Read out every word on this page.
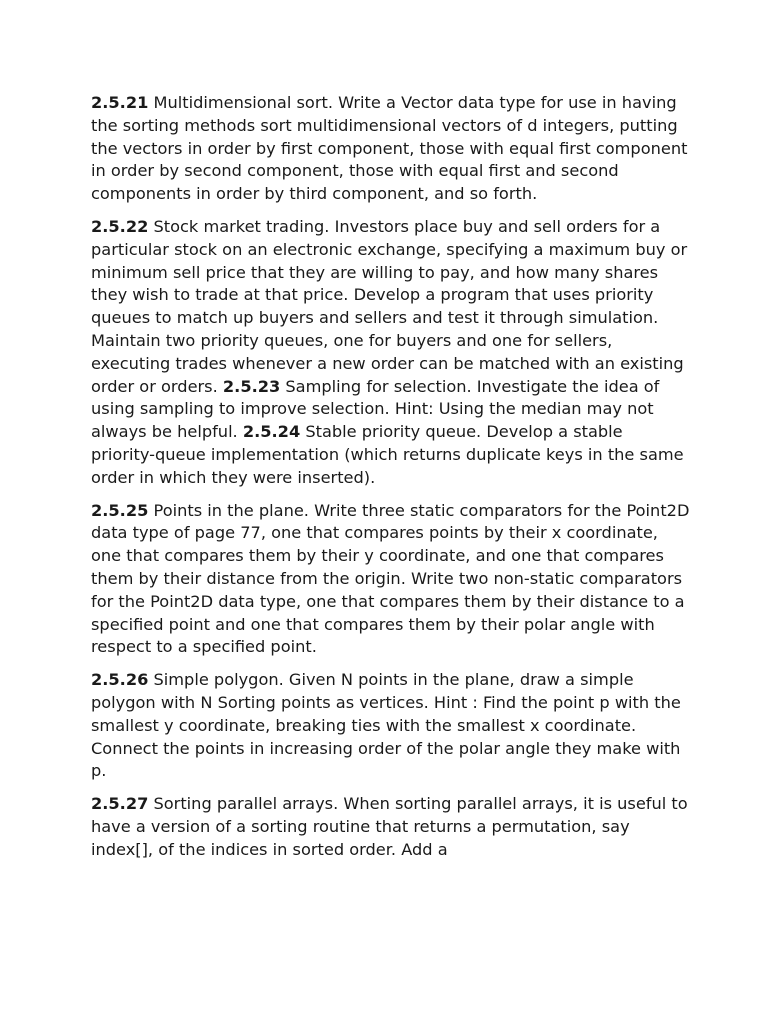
2.5.21 Multidimensional sort. Write a Vector data type for use in having the sorting methods sort multidimensional vectors of d integers, putting the vectors in order by first component, those with equal first component in order by second component, those with equal first and second components in order by third component, and so forth.

2.5.22 Stock market trading. Investors place buy and sell orders for a particular stock on an electronic exchange, specifying a maximum buy or minimum sell price that they are willing to pay, and how many shares they wish to trade at that price. Develop a program that uses priority queues to match up buyers and sellers and test it through simulation. Maintain two priority queues, one for buyers and one for sellers, executing trades whenever a new order can be matched with an existing order or orders. 2.5.23 Sampling for selection. Investigate the idea of using sampling to improve selection. Hint: Using the median may not always be helpful. 2.5.24 Stable priority queue. Develop a stable priority-queue implementation (which returns duplicate keys in the same order in which they were inserted).

2.5.25 Points in the plane. Write three static comparators for the Point2D data type of page 77, one that compares points by their x coordinate, one that compares them by their y coordinate, and one that compares them by their distance from the origin. Write two non-static comparators for the Point2D data type, one that compares them by their distance to a specified point and one that compares them by their polar angle with respect to a specified point.

2.5.26 Simple polygon. Given N points in the plane, draw a simple polygon with N Sorting points as vertices. Hint : Find the point p with the smallest y coordinate, breaking ties with the smallest x coordinate. Connect the points in increasing order of the polar angle they make with p.

2.5.27 Sorting parallel arrays. When sorting parallel arrays, it is useful to have a version of a sorting routine that returns a permutation, say index[], of the indices in sorted order. Add a
